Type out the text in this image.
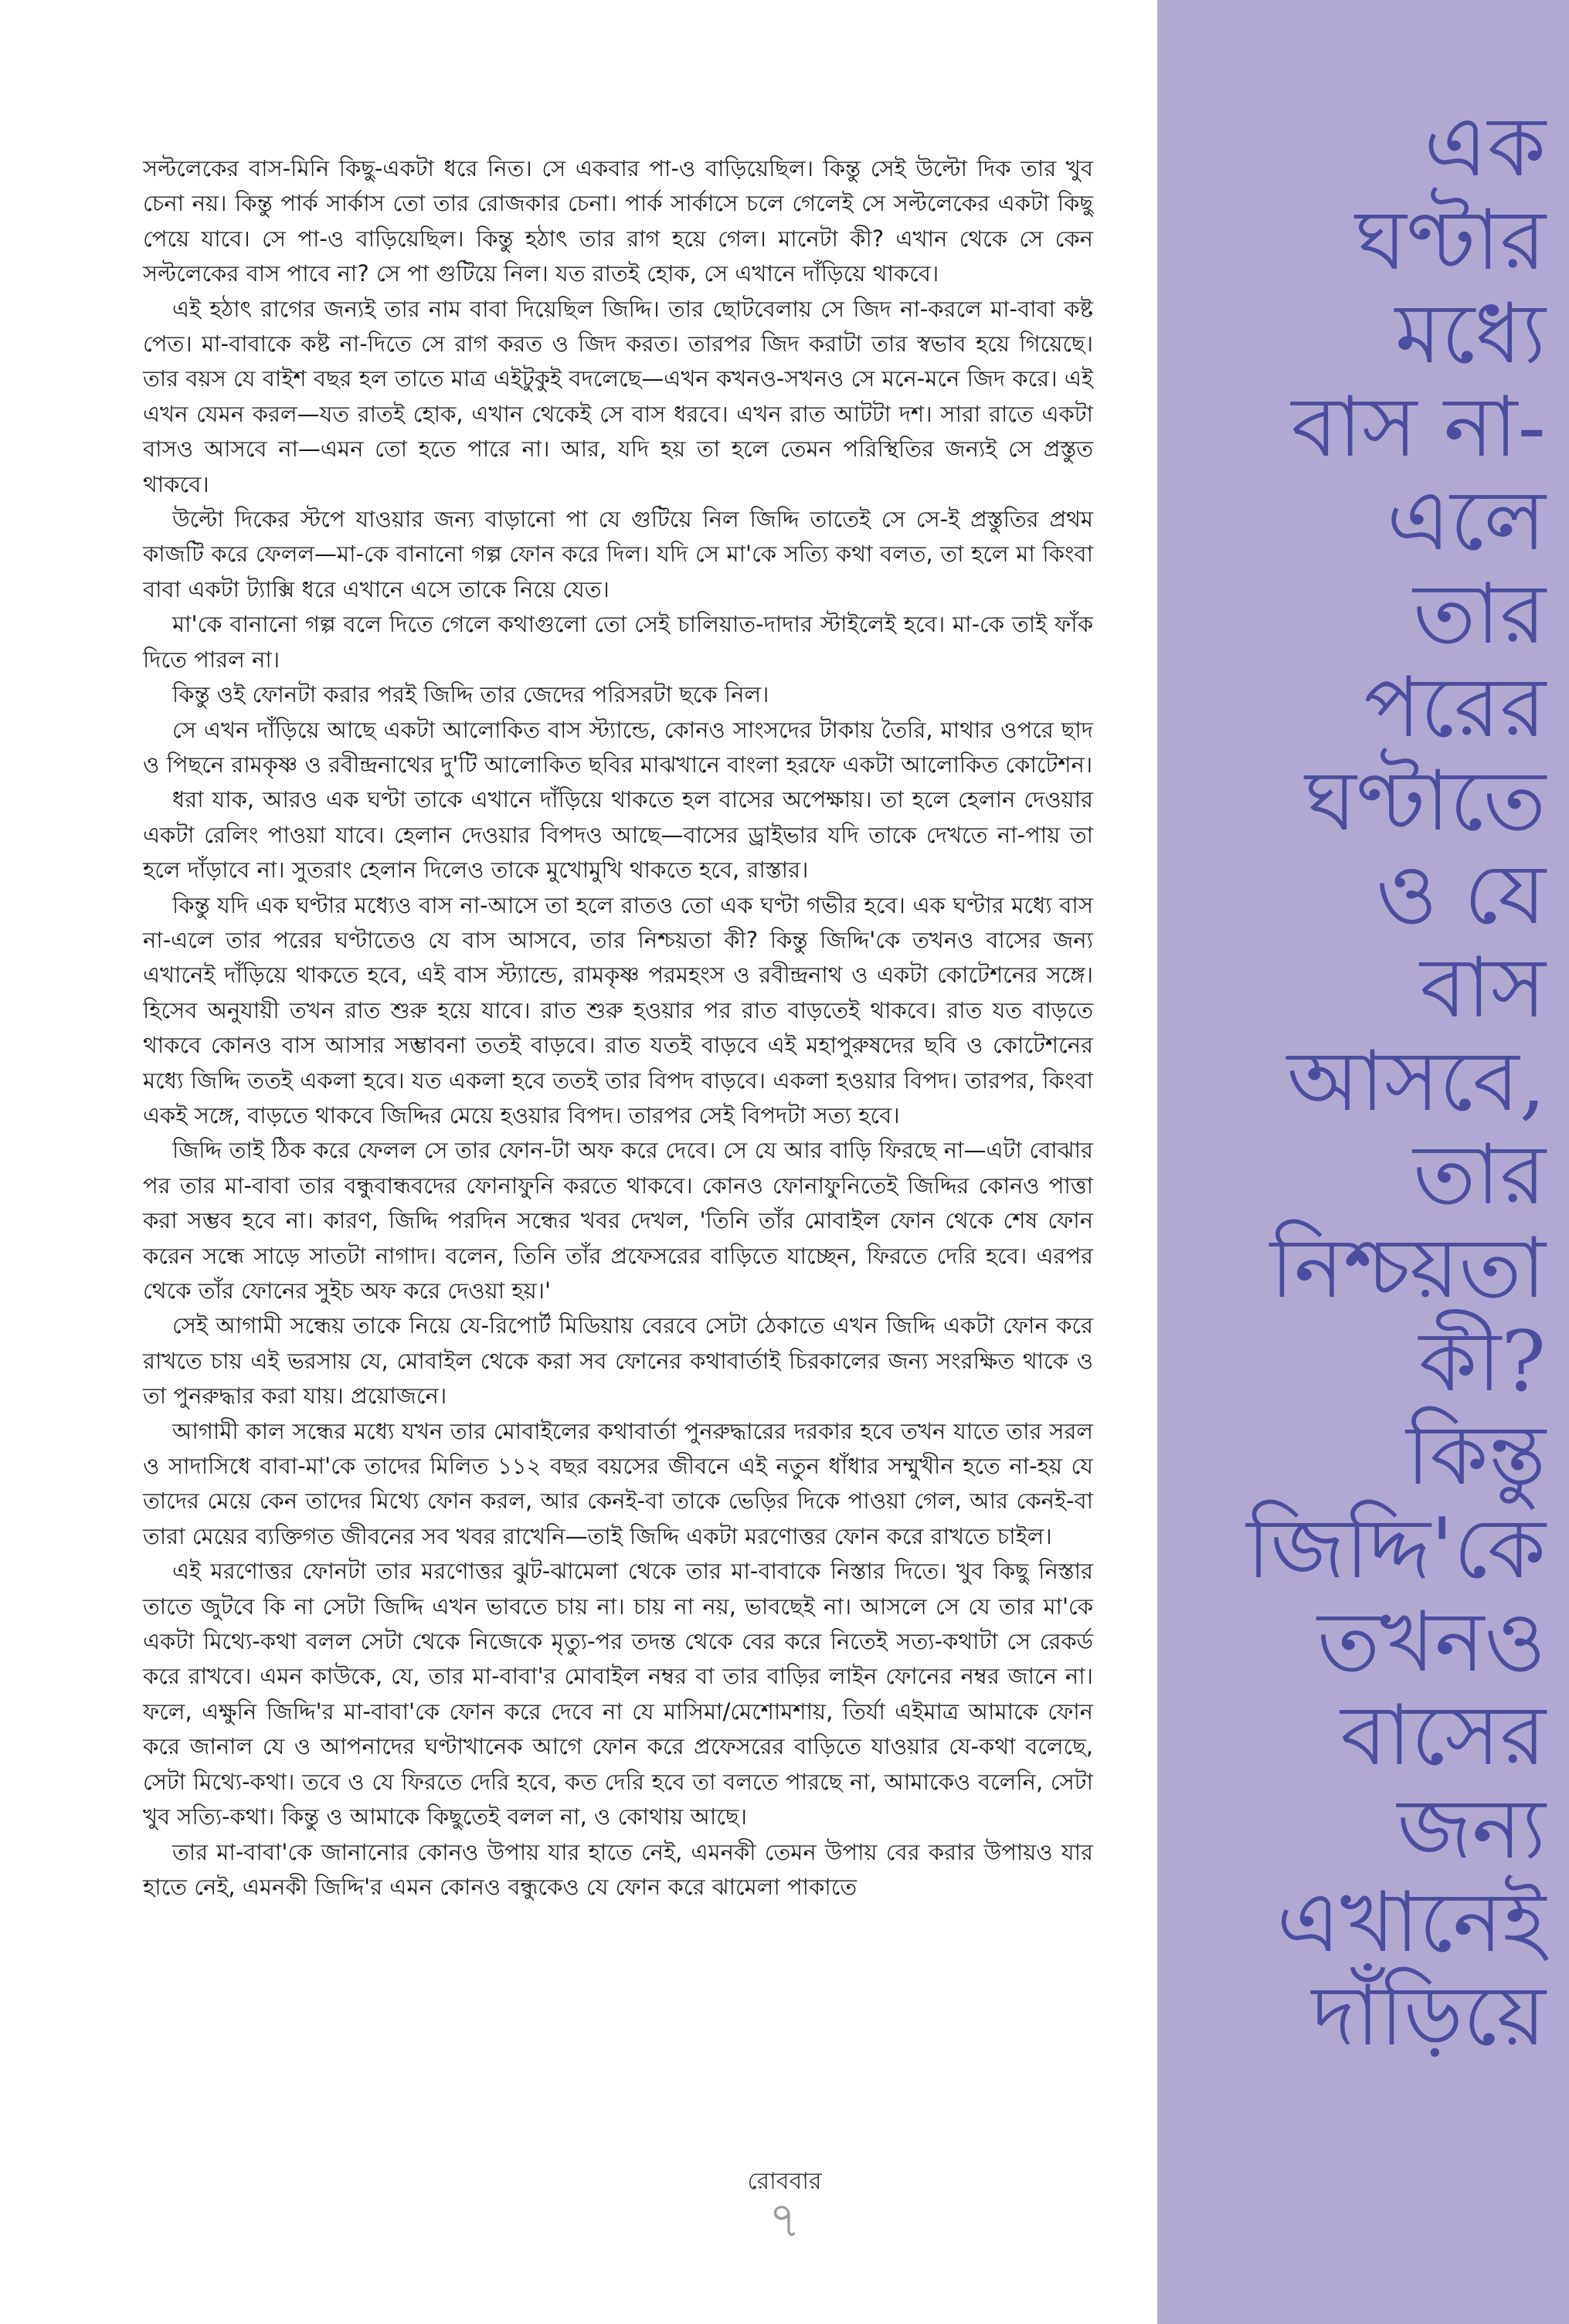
সল্টলেকের বাস-মিনি কিছু-একটা ধরে নিত। সে একবার পা-ও বাড়িয়েছিল। কিন্তু সেই উল্টো দিক তার খুব চেনা নয়। কিন্তু পার্ক সার্কাস তো তার রোজকার চেনা। পার্ক সার্কাসে চলে গেলেই সে সল্টলেকের একটা কিছু পেয়ে যাবে। সে পা-ও বাড়িয়েছিল। কিন্তু হঠাৎ তার রাগ হয়ে গেল। মানেটা কী? এখান থেকে সে কেন সল্টলেকের বাস পাবে না? সে পা গুটিয়ে নিল। যত রাতই হোক, সে এখানে দাঁড়িয়ে থাকবে।

এই হঠাৎ রাগের জন্যই তার নাম বাবা দিয়েছিল জিদ্দি। তার ছোটবেলায় সে জিদ না-করলে মা-বাবা কষ্ট পেত। মা-বাবাকে কষ্ট না-দিতে সে রাগ করত ও জিদ করত। তারপর জিদ করাটা তার স্বভাব হয়ে গিয়েছে। তার বয়স যে বাইশ বছর হল তাতে মাত্র এইটুকুই বদলেছে—এখন কখনও-সখনও সে মনে-মনে জিদ করে। এই এখন যেমন করল—যত রাতই হোক, এখান থেকেই সে বাস ধরবে। এখন রাত আটটা দশ। সারা রাতে একটা বাসও আসবে না—এমন তো হতে পারে না। আর, যদি হয় তা হলে তেমন পরিস্থিতির জন্যই সে প্রস্তুত থাকবে।

উল্টো দিকের স্টপে যাওয়ার জন্য বাড়ানো পা যে গুটিয়ে নিল জিদ্দি তাতেই সে সে-ই প্রস্তুতির প্রথম কাজটি করে ফেলল—মা-কে বানানো গল্প ফোন করে দিল। যদি সে মা'কে সত্যি কথা বলত, তা হলে মা কিংবা বাবা একটা ট্যাক্সি ধরে এখানে এসে তাকে নিয়ে যেত।

মা'কে বানানো গল্প বলে দিতে গেলে কথাগুলো তো সেই চালিয়াত-দাদার স্টাইলেই হবে। মা-কে তাই ফাঁক দিতে পারল না।

কিন্তু ওই ফোনটা করার পরই জিদ্দি তার জেদের পরিসরটা ছকে নিল।

সে এখন দাঁড়িয়ে আছে একটা আলোকিত বাস স্ট্যান্ডে, কোনও সাংসদের টাকায় তৈরি, মাথার ওপরে ছাদ ও পিছনে রামকৃষ্ণ ও রবীন্দ্রনাথের দু'টি আলোকিত ছবির মাঝখানে বাংলা হরফে একটা আলোকিত কোটেশন।

ধরা যাক, আরও এক ঘণ্টা তাকে এখানে দাঁড়িয়ে থাকতে হল বাসের অপেক্ষায়। তা হলে হেলান দেওয়ার একটা রেলিং পাওয়া যাবে। হেলান দেওয়ার বিপদও আছে—বাসের ড্রাইভার যদি তাকে দেখতে না-পায় তা হলে দাঁড়াবে না। সুতরাং হেলান দিলেও তাকে মুখোমুখি থাকতে হবে, রাস্তার।

কিন্তু যদি এক ঘণ্টার মধ্যেও বাস না-আসে তা হলে রাতও তো এক ঘণ্টা গভীর হবে। এক ঘণ্টার মধ্যে বাস না-এলে তার পরের ঘণ্টাতেও যে বাস আসবে, তার নিশ্চয়তা কী? কিন্তু জিদ্দি'কে তখনও বাসের জন্য এখানেই দাঁড়িয়ে থাকতে হবে, এই বাস স্ট্যান্ডে, রামকৃষ্ণ পরমহংস ও রবীন্দ্রনাথ ও একটা কোটেশনের সঙ্গে। হিসেব অনুযায়ী তখন রাত শুরু হয়ে যাবে। রাত শুরু হওয়ার পর রাত বাড়তেই থাকবে। রাত যত বাড়তে থাকবে কোনও বাস আসার সম্ভাবনা ততই বাড়বে। রাত যতই বাড়বে এই মহাপুরুষদের ছবি ও কোটেশনের মধ্যে জিদ্দি ততই একলা হবে। যত একলা হবে ততই তার বিপদ বাড়বে। একলা হওয়ার বিপদ। তারপর, কিংবা একই সঙ্গে, বাড়তে থাকবে জিদ্দির মেয়ে হওয়ার বিপদ। তারপর সেই বিপদটা সত্য হবে।

জিদ্দি তাই ঠিক করে ফেলল সে তার ফোন-টা অফ করে দেবে। সে যে আর বাড়ি ফিরছে না—এটা বোঝার পর তার মা-বাবা তার বন্ধুবান্ধবদের ফোনাফুনি করতে থাকবে। কোনও ফোনাফুনিতেই জিদ্দির কোনও পাত্তা করা সম্ভব হবে না। কারণ, জিদ্দি পরদিন সন্ধের খবর দেখল, 'তিনি তাঁর মোবাইল ফোন থেকে শেষ ফোন করেন সন্ধে সাড়ে সাতটা নাগাদ। বলেন, তিনি তাঁর প্রফেসরের বাড়িতে যাচ্ছেন, ফিরতে দেরি হবে। এরপর থেকে তাঁর ফোনের সুইচ অফ করে দেওয়া হয়।'

সেই আগামী সন্ধেয় তাকে নিয়ে যে-রিপোর্ট মিডিয়ায় বেরবে সেটা ঠেকাতে এখন জিদ্দি একটা ফোন করে রাখতে চায় এই ভরসায় যে, মোবাইল থেকে করা সব ফোনের কথাবার্তাই চিরকালের জন্য সংরক্ষিত থাকে ও তা পুনরুদ্ধার করা যায়। প্রয়োজনে।

আগামী কাল সন্ধের মধ্যে যখন তার মোবাইলের কথাবার্তা পুনরুদ্ধারের দরকার হবে তখন যাতে তার সরল ও সাদাসিধে বাবা-মা'কে তাদের মিলিত ১১২ বছর বয়সের জীবনে এই নতুন ধাঁধার সম্মুখীন হতে না-হয় যে তাদের মেয়ে কেন তাদের মিথ্যে ফোন করল, আর কেনই-বা তাকে ভেড়ির দিকে পাওয়া গেল, আর কেনই-বা তারা মেয়ের ব্যক্তিগত জীবনের সব খবর রাখেনি—তাই জিদ্দি একটা মরণোত্তর ফোন করে রাখতে চাইল।

এই মরণোত্তর ফোনটা তার মরণোত্তর ঝুট-ঝামেলা থেকে তার মা-বাবাকে নিস্তার দিতে। খুব কিছু নিস্তার তাতে জুটবে কি না সেটা জিদ্দি এখন ভাবতে চায় না। চায় না নয়, ভাবছেই না। আসলে সে যে তার মা'কে একটা মিথ্যে-কথা বলল সেটা থেকে নিজেকে মৃত্যু-পর তদন্ত থেকে বের করে নিতেই সত্য-কথাটা সে রেকর্ড করে রাখবে। এমন কাউকে, যে, তার মা-বাবা'র মোবাইল নম্বর বা তার বাড়ির লাইন ফোনের নম্বর জানে না। ফলে, এক্ষুনি জিদ্দি'র মা-বাবা'কে ফোন করে দেবে না যে মাসিমা/মেশোমশায়, তির্যা এইমাত্র আমাকে ফোন করে জানাল যে ও আপনাদের ঘণ্টাখানেক আগে ফোন করে প্রফেসরের বাড়িতে যাওয়ার যে-কথা বলেছে, সেটা মিথ্যে-কথা। তবে ও যে ফিরতে দেরি হবে, কত দেরি হবে তা বলতে পারছে না, আমাকেও বলেনি, সেটা খুব সত্যি-কথা। কিন্তু ও আমাকে কিছুতেই বলল না, ও কোথায় আছে।

তার মা-বাবা'কে জানানোর কোনও উপায় যার হাতে নেই, এমনকী তেমন উপায় বের করার উপায়ও যার হাতে নেই, এমনকী জিদ্দি'র এমন কোনও বন্ধুকেও যে ফোন করে ঝামেলা পাকাতে

এক
ঘণ্টার
মধ্যে
বাস না-
এলে
তার
পরের
ঘণ্টাতে
ও যে
বাস
আসবে,
তার
নিশ্চয়তা
কী?
কিন্তু
জিদ্দি'কে
তখনও
বাসের
জন্য
এখানেই
দাঁড়িয়ে
রোববার
৭
